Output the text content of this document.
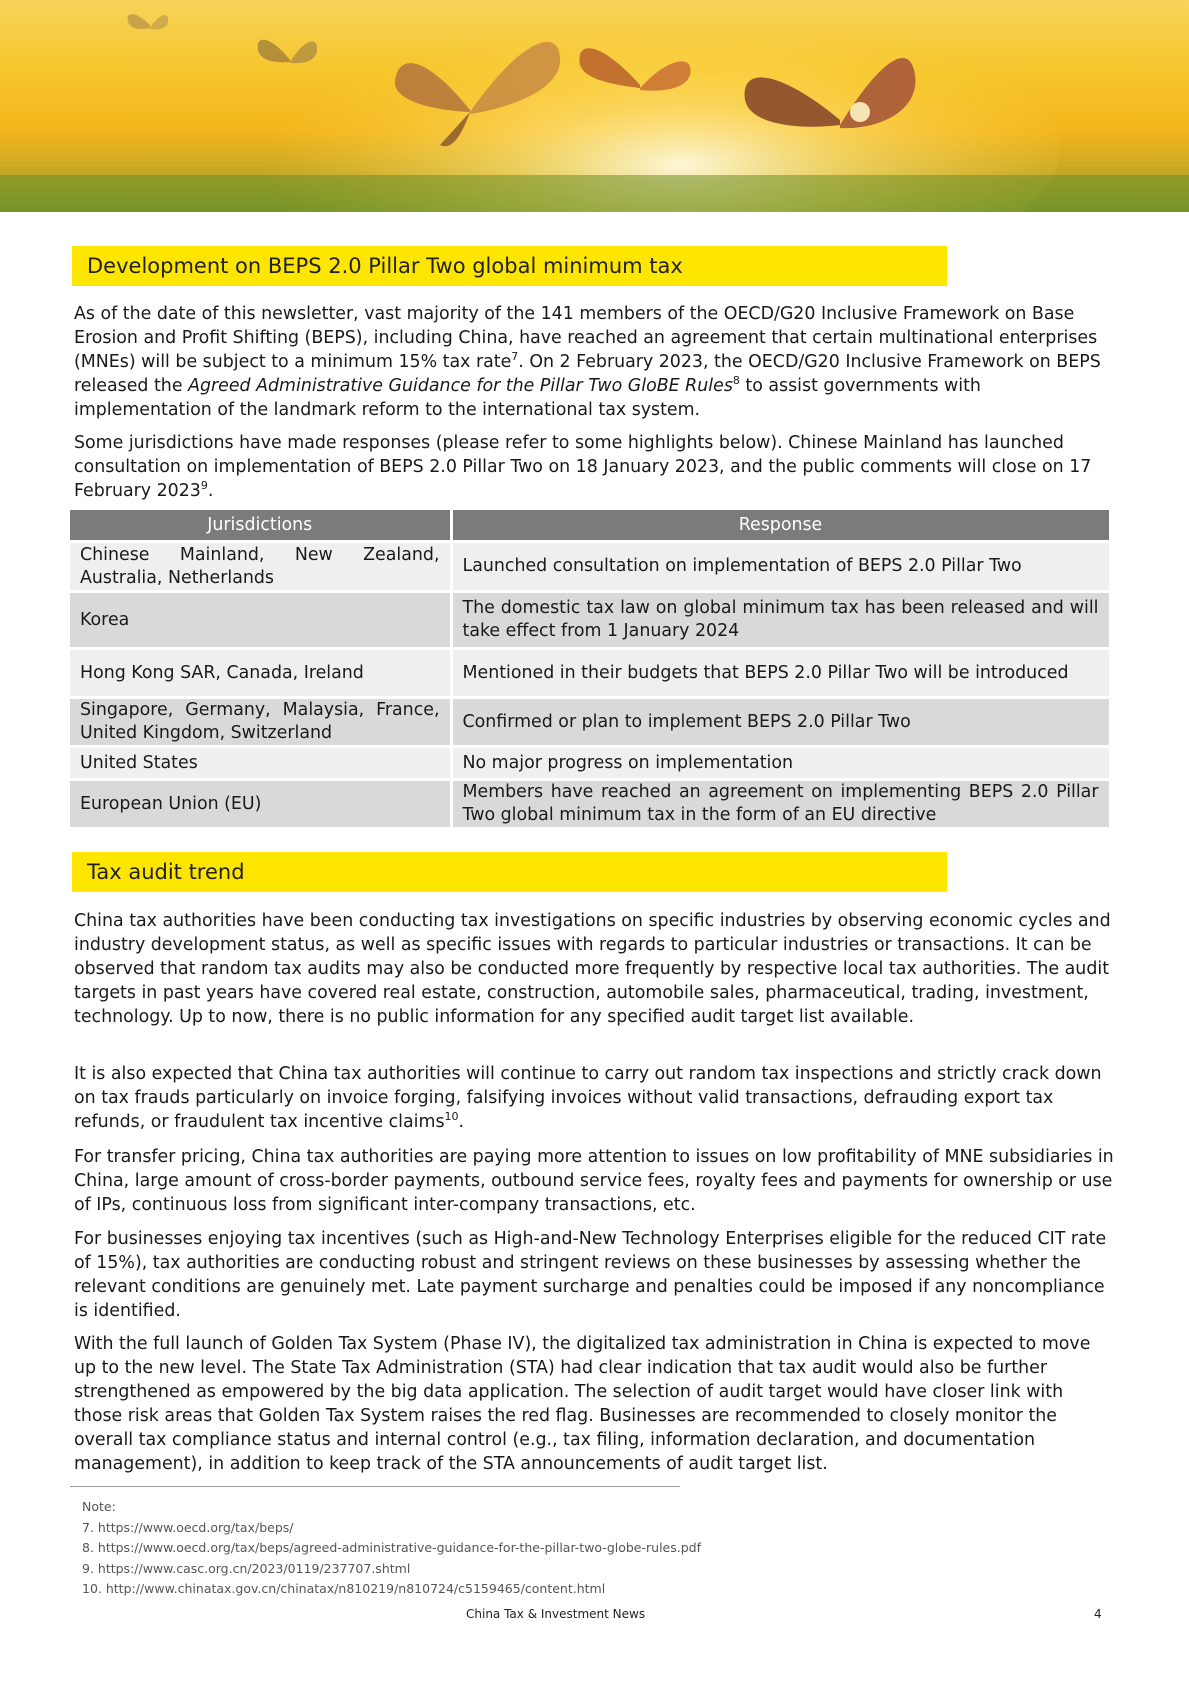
Development on BEPS 2.0 Pillar Two global minimum tax

As of the date of this newsletter, vast majority of the 141 members of the OECD/G20 Inclusive Framework on Base Erosion and Profit Shifting (BEPS), including China, have reached an agreement that certain multinational enterprises (MNEs) will be subject to a minimum 15% tax rate$^7$. On 2 February 2023, the OECD/G20 Inclusive Framework on BEPS released the Agreed Administrative Guidance for the Pillar Two GloBE Rules$^8$ to assist governments with implementation of the landmark reform to the international tax system.

Some jurisdictions have made responses (please refer to some highlights below). Chinese Mainland has launched consultation on implementation of BEPS 2.0 Pillar Two on 18 January 2023, and the public comments will close on 17 February 2023$^9$.

Jurisdictions	Response
Chinese Mainland, New Zealand, Australia, Netherlands	Launched consultation on implementation of BEPS 2.0 Pillar Two
Korea	The domestic tax law on global minimum tax has been released and will take effect from 1 January 2024
Hong Kong SAR, Canada, Ireland	Mentioned in their budgets that BEPS 2.0 Pillar Two will be introduced
Singapore, Germany, Malaysia, France, United Kingdom, Switzerland	Confirmed or plan to implement BEPS 2.0 Pillar Two
United States	No major progress on implementation
European Union (EU)	Members have reached an agreement on implementing BEPS 2.0 Pillar Two global minimum tax in the form of an EU directive
Tax audit trend

China tax authorities have been conducting tax investigations on specific industries by observing economic cycles and industry development status, as well as specific issues with regards to particular industries or transactions. It can be observed that random tax audits may also be conducted more frequently by respective local tax authorities. The audit targets in past years have covered real estate, construction, automobile sales, pharmaceutical, trading, investment, technology. Up to now, there is no public information for any specified audit target list available.

It is also expected that China tax authorities will continue to carry out random tax inspections and strictly crack down on tax frauds particularly on invoice forging, falsifying invoices without valid transactions, defrauding export tax refunds, or fraudulent tax incentive claims$^{10}$.

For transfer pricing, China tax authorities are paying more attention to issues on low profitability of MNE subsidiaries in China, large amount of cross-border payments, outbound service fees, royalty fees and payments for ownership or use of IPs, continuous loss from significant inter-company transactions, etc.

For businesses enjoying tax incentives (such as High-and-New Technology Enterprises eligible for the reduced CIT rate of 15%), tax authorities are conducting robust and stringent reviews on these businesses by assessing whether the relevant conditions are genuinely met. Late payment surcharge and penalties could be imposed if any noncompliance is identified.

With the full launch of Golden Tax System (Phase IV), the digitalized tax administration in China is expected to move up to the new level. The State Tax Administration (STA) had clear indication that tax audit would also be further strengthened as empowered by the big data application. The selection of audit target would have closer link with those risk areas that Golden Tax System raises the red flag. Businesses are recommended to closely monitor the overall tax compliance status and internal control (e.g., tax filing, information declaration, and documentation management), in addition to keep track of the STA announcements of audit target list.

Note:
7. https://www.oecd.org/tax/beps/
8. https://www.oecd.org/tax/beps/agreed-administrative-guidance-for-the-pillar-two-globe-rules.pdf
9. https://www.casc.org.cn/2023/0119/237707.shtml
10. http://www.chinatax.gov.cn/chinatax/n810219/n810724/c5159465/content.html
China Tax & Investment News	4
